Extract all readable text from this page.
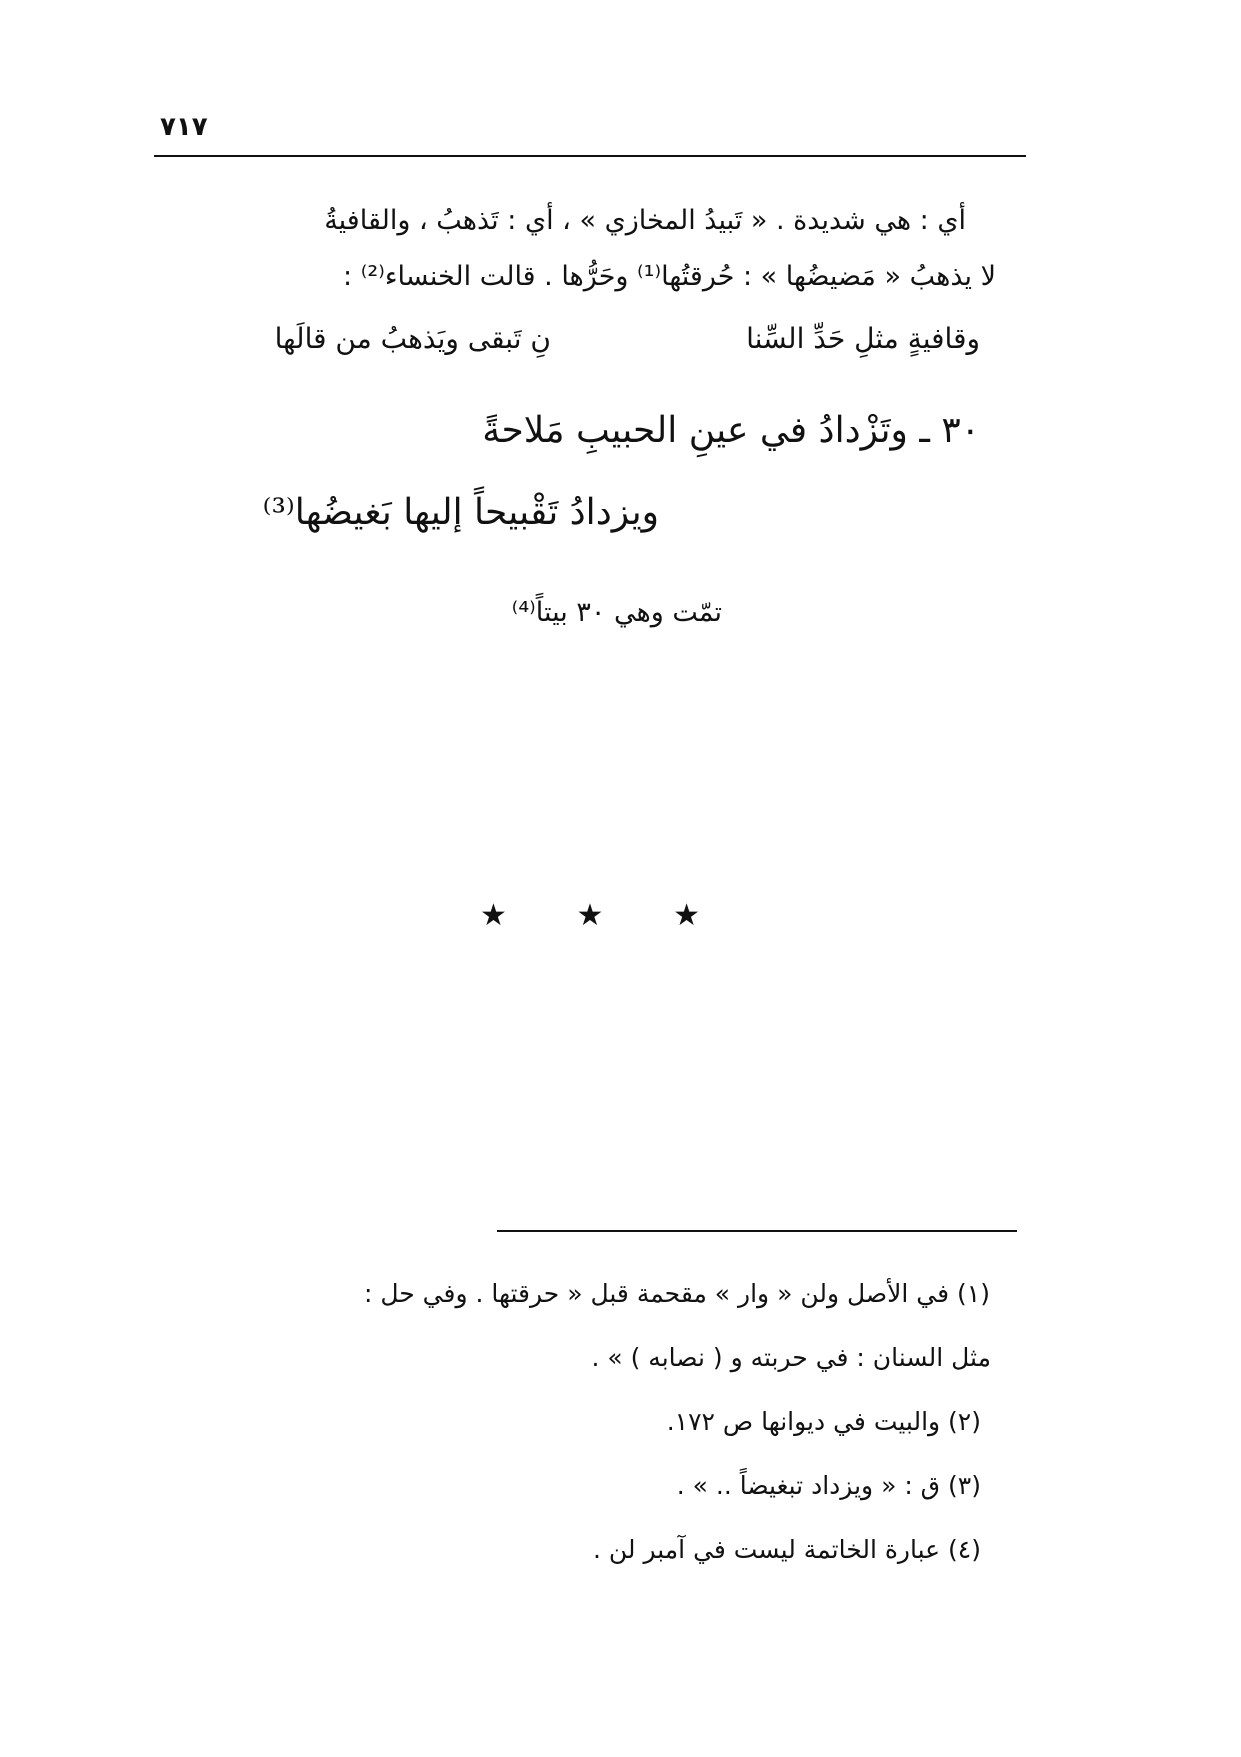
٧١٧
أي : هي شديدة . « تَبيدُ المخازي » ، أي : تَذهبُ ، والقافيةُ
لا يذهبُ « مَضيضُها » : حُرقتُها⁽¹⁾ وحَرُّها . قالت الخنساء⁽²⁾ :
وقافيةٍ مثلِ حَدِّ السِّنا
نِ تَبقى ويَذهبُ من قالَها
٣٠ ـ وتَزْدادُ في عينِ الحبيبِ مَلاحةً
ويزدادُ تَقْبيحاً إليها بَغيضُها⁽³⁾
تمّت وهي ٣٠ بيتاً⁽⁴⁾
★ ★ ★
(١) في الأصل ولن « وار » مقحمة قبل « حرقتها . وفي حل :
مثل السنان : في حربته و ( نصابه ) » .
(٢) والبيت في ديوانها ص ١٧٢.
(٣) ق : « ويزداد تبغيضاً .. » .
(٤) عبارة الخاتمة ليست في آمبر لن .
